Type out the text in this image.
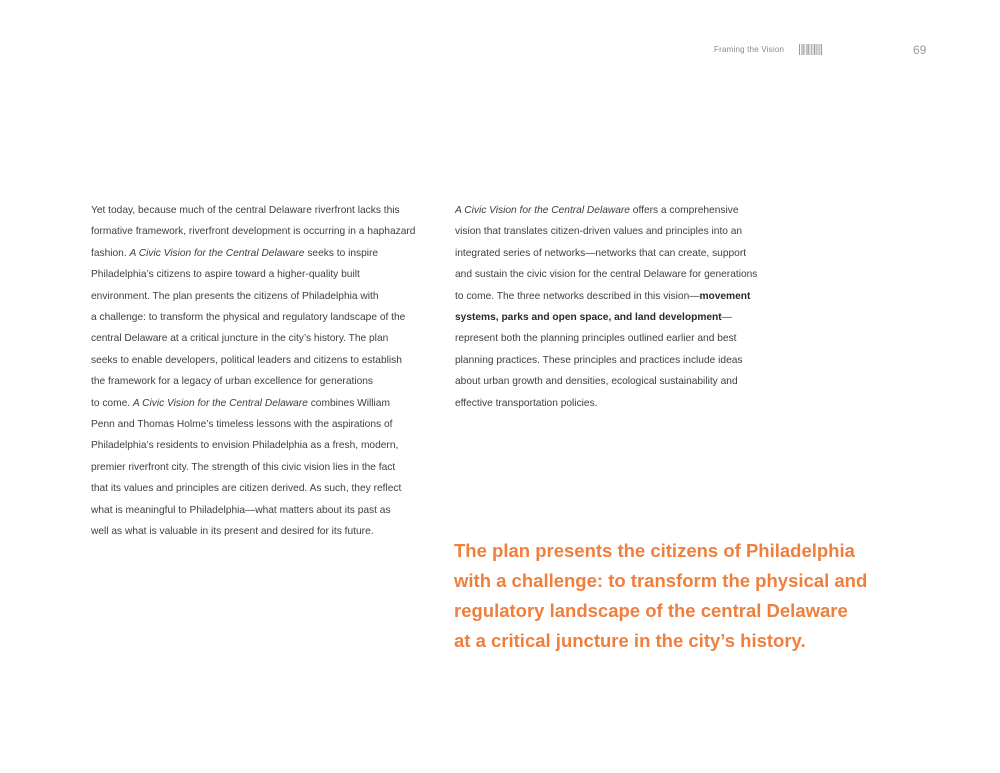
Framing the Vision	69

Yet today, because much of the central Delaware riverfront lacks this
formative framework, riverfront development is occurring in a haphazard
fashion. A Civic Vision for the Central Delaware seeks to inspire
Philadelphia’s citizens to aspire toward a higher-quality built
environment. The plan presents the citizens of Philadelphia with
a challenge: to transform the physical and regulatory landscape of the
central Delaware at a critical juncture in the city’s history. The plan
seeks to enable developers, political leaders and citizens to establish
the framework for a legacy of urban excellence for generations
to come. A Civic Vision for the Central Delaware combines William
Penn and Thomas Holme’s timeless lessons with the aspirations of
Philadelphia’s residents to envision Philadelphia as a fresh, modern,
premier riverfront city. The strength of this civic vision lies in the fact
that its values and principles are citizen derived. As such, they reflect
what is meaningful to Philadelphia—what matters about its past as
well as what is valuable in its present and desired for its future.

A Civic Vision for the Central Delaware offers a comprehensive
vision that translates citizen-driven values and principles into an
integrated series of networks—networks that can create, support
and sustain the civic vision for the central Delaware for generations
to come. The three networks described in this vision—movement
systems, parks and open space, and land development—
represent both the planning principles outlined earlier and best
planning practices. These principles and practices include ideas
about urban growth and densities, ecological sustainability and
effective transportation policies.

The plan presents the citizens of Philadelphia
with a challenge: to transform the physical and
regulatory landscape of the central Delaware
at a critical juncture in the city’s history.
